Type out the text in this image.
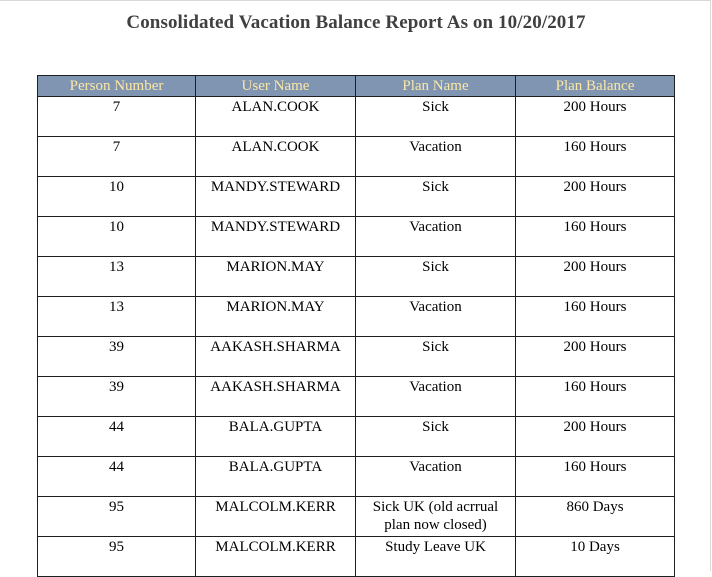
Consolidated Vacation Balance Report As on 10/20/2017
Person Number	User Name	Plan Name	Plan Balance
7	ALAN.COOK	Sick	200 Hours
7	ALAN.COOK	Vacation	160 Hours
10	MANDY.STEWARD	Sick	200 Hours
10	MANDY.STEWARD	Vacation	160 Hours
13	MARION.MAY	Sick	200 Hours
13	MARION.MAY	Vacation	160 Hours
39	AAKASH.SHARMA	Sick	200 Hours
39	AAKASH.SHARMA	Vacation	160 Hours
44	BALA.GUPTA	Sick	200 Hours
44	BALA.GUPTA	Vacation	160 Hours
95	MALCOLM.KERR	Sick UK (old acrrual plan now closed)	860 Days
95	MALCOLM.KERR	Study Leave UK	10 Days
